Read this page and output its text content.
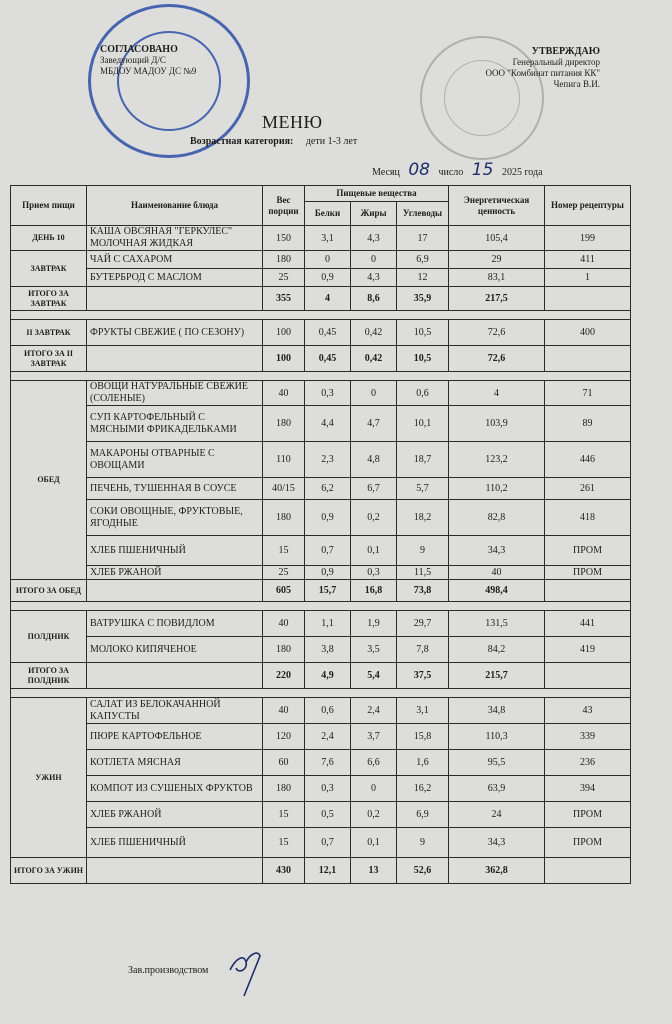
СОГЛАСОВАНО
Заведующий Д/С
МБДОУ МАДОУ ДС №9
УТВЕРЖДАЮ
Генеральный директор
ООО "Комбинат питания КК"
Чепига В.И.
МЕНЮ
Возрастная категория: дети 1-3 лет
Месяц 08 число 15 2025 года
Прием пищи	Наименование блюда	Вес порции	Пищевые вещества			Энергетическая ценность	Номер рецептуры
			Белки	Жиры	Углеводы		
ДЕНЬ 10	КАША ОВСЯНАЯ "ГЕРКУЛЕС" МОЛОЧНАЯ ЖИДКАЯ	150	3,1	4,3	17	105,4	199
ЗАВТРАК	ЧАЙ С САХАРОМ	180	0	0	6,9	29	411
	БУТЕРБРОД С МАСЛОМ	25	0,9	4,3	12	83,1	1
ИТОГО ЗА ЗАВТРАК		355	4	8,6	35,9	217,5	

II ЗАВТРАК	ФРУКТЫ СВЕЖИЕ ( ПО СЕЗОНУ)	100	0,45	0,42	10,5	72,6	400
ИТОГО ЗА II ЗАВТРАК		100	0,45	0,42	10,5	72,6	

ОБЕД	ОВОЩИ НАТУРАЛЬНЫЕ СВЕЖИЕ (СОЛЕНЫЕ)	40	0,3	0	0,6	4	71
	СУП КАРТОФЕЛЬНЫЙ С МЯСНЫМИ ФРИКАДЕЛЬКАМИ	180	4,4	4,7	10,1	103,9	89
	МАКАРОНЫ ОТВАРНЫЕ С ОВОЩАМИ	110	2,3	4,8	18,7	123,2	446
	ПЕЧЕНЬ, ТУШЕННАЯ В СОУСЕ	40/15	6,2	6,7	5,7	110,2	261
	СОКИ ОВОЩНЫЕ, ФРУКТОВЫЕ, ЯГОДНЫЕ	180	0,9	0,2	18,2	82,8	418
	ХЛЕБ ПШЕНИЧНЫЙ	15	0,7	0,1	9	34,3	ПРОМ
	ХЛЕБ РЖАНОЙ	25	0,9	0,3	11,5	40	ПРОМ
ИТОГО ЗА ОБЕД		605	15,7	16,8	73,8	498,4	

ПОЛДНИК	ВАТРУШКА С ПОВИДЛОМ	40	1,1	1,9	29,7	131,5	441
	МОЛОКО КИПЯЧЕНОЕ	180	3,8	3,5	7,8	84,2	419
ИТОГО ЗА ПОЛДНИК		220	4,9	5,4	37,5	215,7	

УЖИН	САЛАТ ИЗ БЕЛОКАЧАННОЙ КАПУСТЫ	40	0,6	2,4	3,1	34,8	43
	ПЮРЕ КАРТОФЕЛЬНОЕ	120	2,4	3,7	15,8	110,3	339
	КОТЛЕТА МЯСНАЯ	60	7,6	6,6	1,6	95,5	236
	КОМПОТ ИЗ СУШЕНЫХ ФРУКТОВ	180	0,3	0	16,2	63,9	394
	ХЛЕБ РЖАНОЙ	15	0,5	0,2	6,9	24	ПРОМ
	ХЛЕБ ПШЕНИЧНЫЙ	15	0,7	0,1	9	34,3	ПРОМ
ИТОГО ЗА УЖИН		430	12,1	13	52,6	362,8	
Зав.производством
